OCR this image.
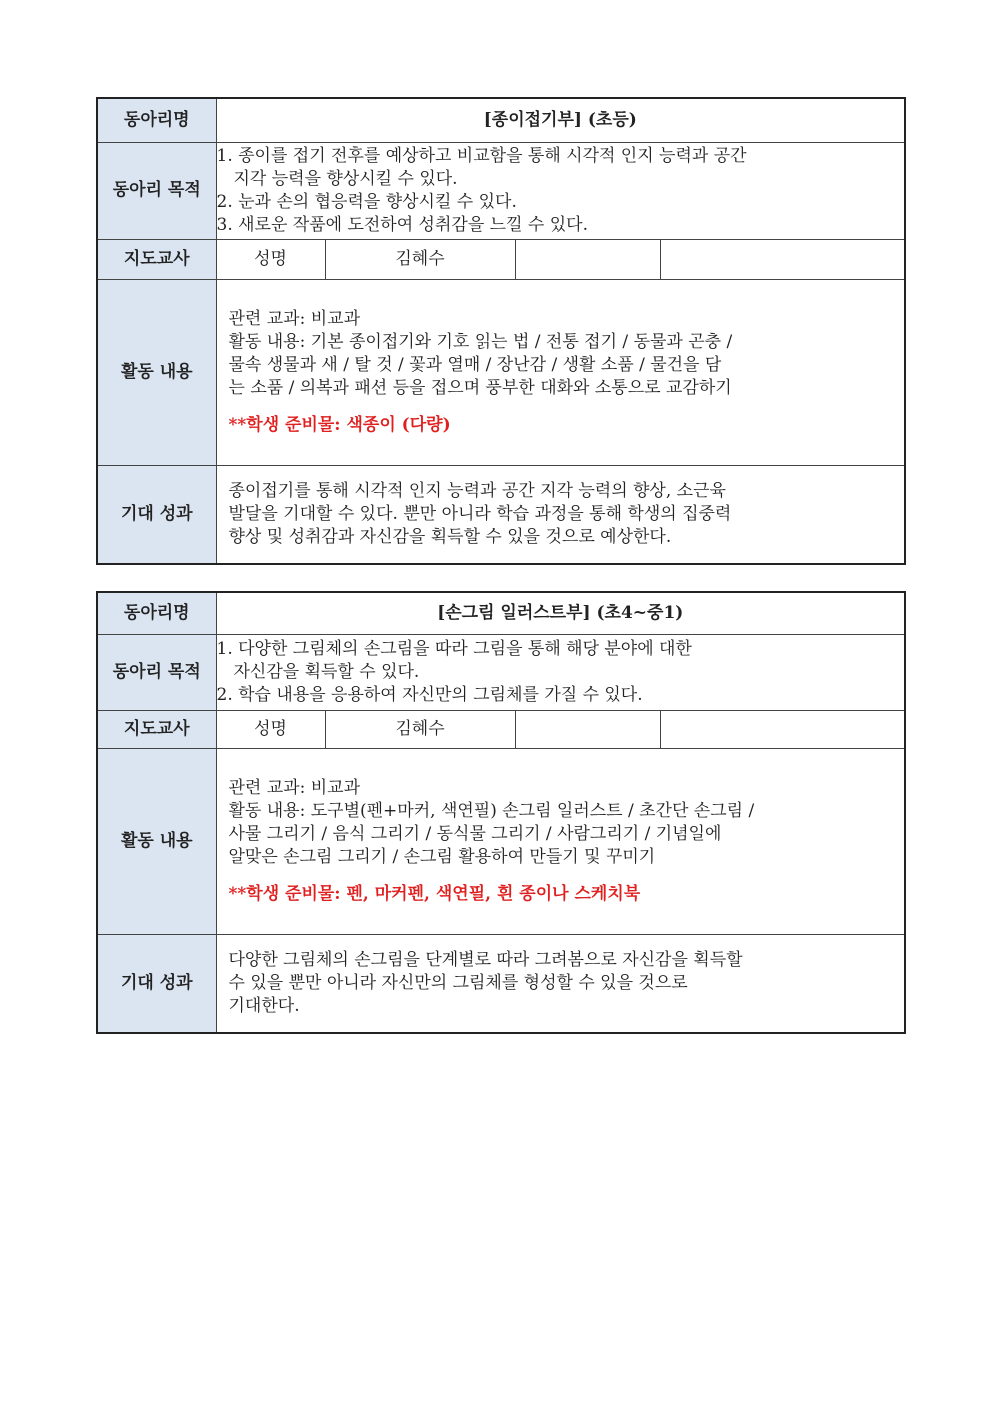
동아리명	[종이접기부] (초등)			
동아리 목적	1. 종이를 접기 전후를 예상하고 비교함을 통해 시각적 인지 능력과 공간
지각 능력을 향상시킬 수 있다.
2. 눈과 손의 협응력을 향상시킬 수 있다.
3. 새로운 작품에 도전하여 성취감을 느낄 수 있다.			

지도교사	성명	김혜수		
활동 내용	관련 교과: 비교과
활동 내용: 기본 종이접기와 기호 읽는 법 / 전통 접기 / 동물과 곤충 /
물속 생물과 새 / 탈 것 / 꽃과 열매 / 장난감 / 생활 소품 / 물건을 담
는 소품 / 의복과 패션 등을 접으며 풍부한 대화와 소통으로 교감하기
**학생 준비물: 색종이 (다량)			

기대 성과	종이접기를 통해 시각적 인지 능력과 공간 지각 능력의 향상, 소근육
발달을 기대할 수 있다. 뿐만 아니라 학습 과정을 통해 학생의 집중력
향상 및 성취감과 자신감을 획득할 수 있을 것으로 예상한다.			
동아리명	[손그림 일러스트부] (초4~중1)			
동아리 목적	1. 다양한 그림체의 손그림을 따라 그림을 통해 해당 분야에 대한
자신감을 획득할 수 있다.
2. 학습 내용을 응용하여 자신만의 그림체를 가질 수 있다.			

지도교사	성명	김혜수		
활동 내용	관련 교과: 비교과
활동 내용: 도구별(펜+마커, 색연필) 손그림 일러스트 / 초간단 손그림 /
사물 그리기 / 음식 그리기 / 동식물 그리기 / 사람그리기 / 기념일에
알맞은 손그림 그리기 / 손그림 활용하여 만들기 및 꾸미기
**학생 준비물: 펜, 마커펜, 색연필, 흰 종이나 스케치북			

기대 성과	다양한 그림체의 손그림을 단계별로 따라 그려봄으로 자신감을 획득할
수 있을 뿐만 아니라 자신만의 그림체를 형성할 수 있을 것으로
기대한다.			
